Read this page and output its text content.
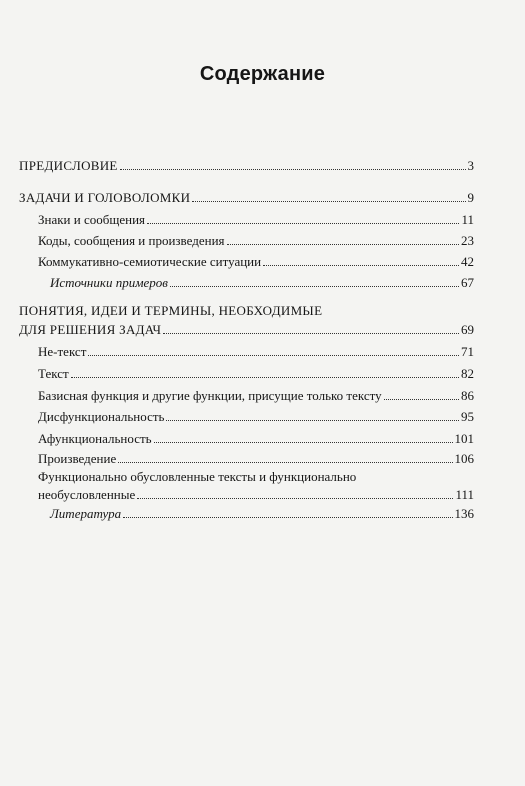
Содержание
ПРЕДИСЛОВИЕ	3
ЗАДАЧИ И ГОЛОВОЛОМКИ	9
Знаки и сообщения	11
Коды, сообщения и произведения	23
Коммукативно-семиотические ситуации	42
Источники примеров	67
ПОНЯТИЯ, ИДЕИ И ТЕРМИНЫ, НЕОБХОДИМЫЕ
ДЛЯ РЕШЕНИЯ ЗАДАЧ	69
Не-текст	71
Текст	82
Базисная функция и другие функции, присущие только тексту	86
Дисфункциональность	95
Афункциональность	101
Произведение	106
Функционально обусловленные тексты и функционально
необусловленные	111
Литература	136
